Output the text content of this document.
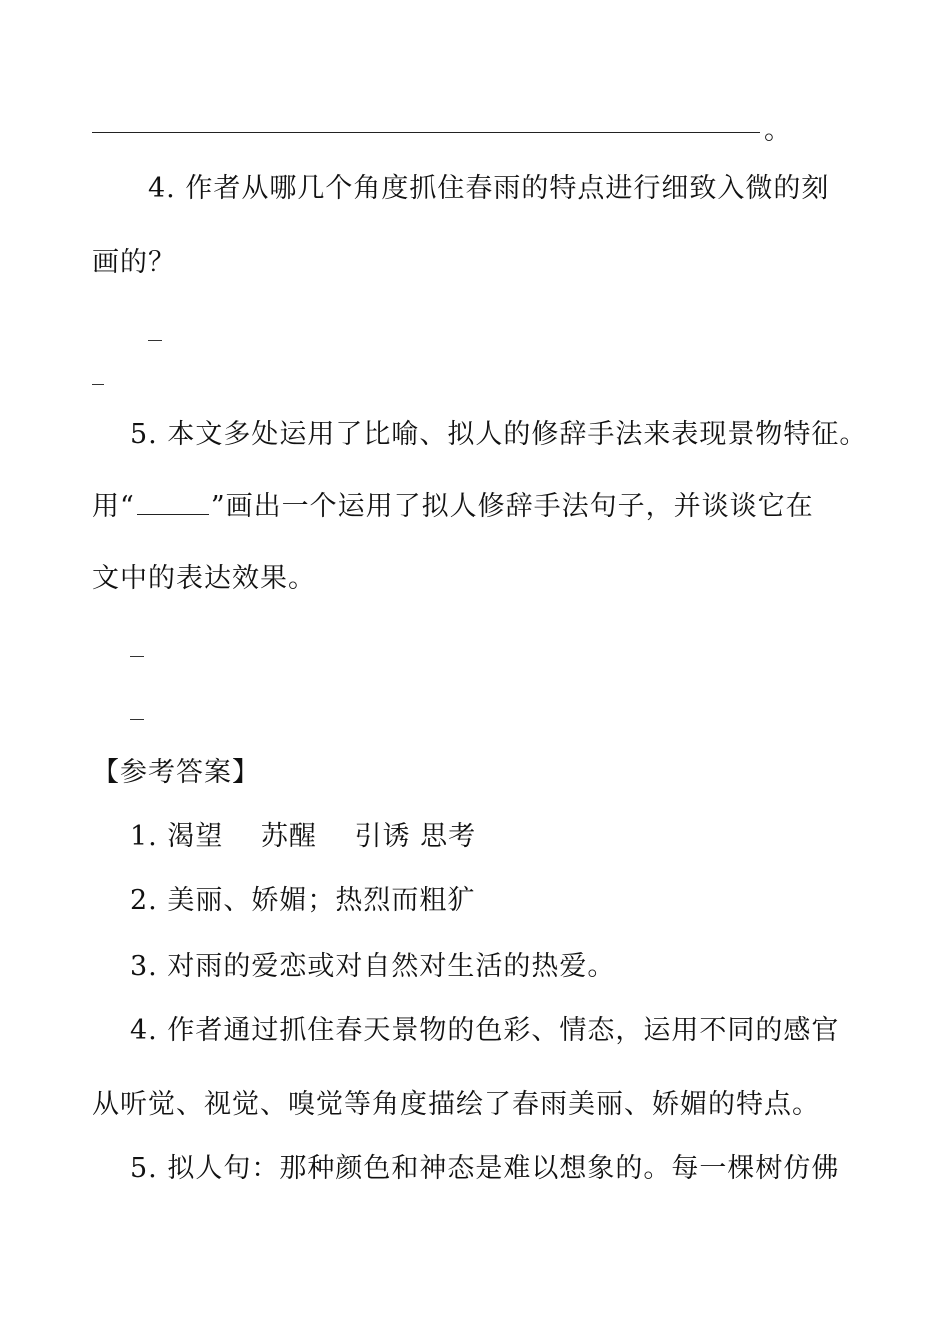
。
4. 作者从哪几个角度抓住春雨的特点进行细致入微的刻
画的？
5. 本文多处运用了比喻、拟人的修辞手法来表现景物特征。
用“	”画出一个运用了拟人修辞手法句子，并谈谈它在
文中的表达效果。
【参考答案】
1. 渴望　 苏醒　 引诱 思考
2. 美丽、娇媚；热烈而粗犷
3. 对雨的爱恋或对自然对生活的热爱。
4. 作者通过抓住春天景物的色彩、情态，运用不同的感官
从听觉、视觉、嗅觉等角度描绘了春雨美丽、娇媚的特点。
5. 拟人句：那种颜色和神态是难以想象的。每一棵树仿佛
